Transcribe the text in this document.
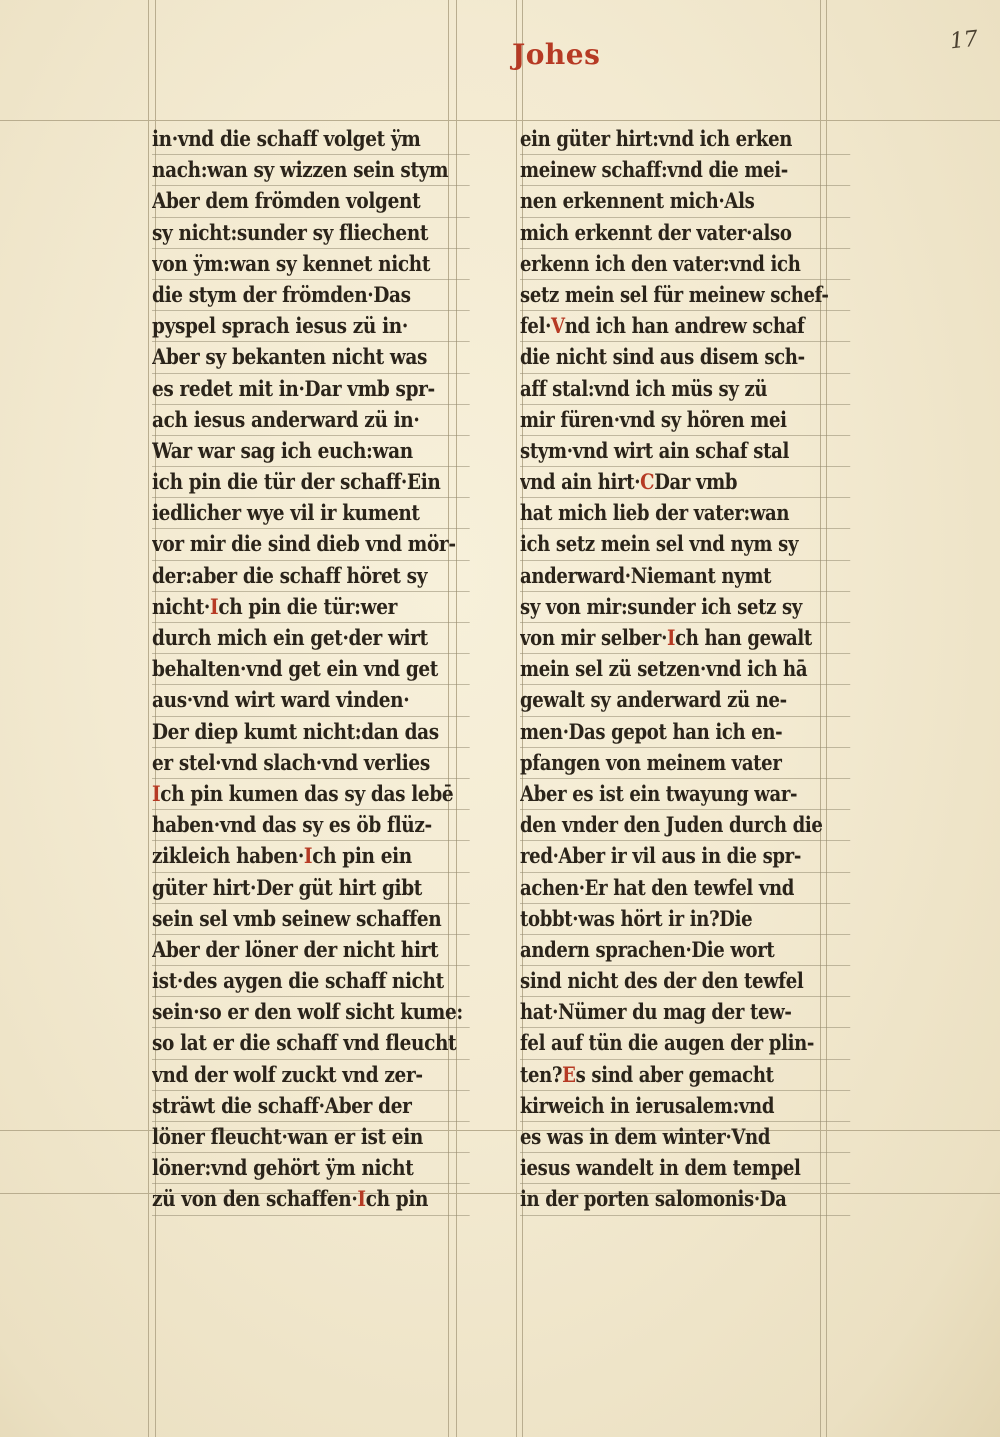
17
Johes
in·vnd die schaff volget ÿm
nach:wan sy wizzen sein stym
Aber dem frömden volgent
sy nicht:sunder sy fliechent
von ÿm:wan sy kennet nicht
die stym der frömden·Das
pyspel sprach iesus zü in·
Aber sy bekanten nicht was
es redet mit in·Dar vmb spr-
ach iesus anderward zü in·
War war sag ich euch:wan
ich pin die tür der schaff·Ein
iedlicher wye vil ir kument
vor mir die sind dieb vnd mör-
der:aber die schaff höret sy
nicht·Ich pin die tür:wer
durch mich ein get·der wirt
behalten·vnd get ein vnd get
aus·vnd wirt ward vinden·
Der diep kumt nicht:dan das
er stel·vnd slach·vnd verlies
Ich pin kumen das sy das lebē
haben·vnd das sy es öb flüz-
zikleich haben·Ich pin ein
güter hirt·Der güt hirt gibt
sein sel vmb seinew schaffen
Aber der löner der nicht hirt
ist·des aygen die schaff nicht
sein·so er den wolf sicht kume:
so lat er die schaff vnd fleucht
vnd der wolf zuckt vnd zer-
sträwt die schaff·Aber der
löner fleucht·wan er ist ein
löner:vnd gehört ÿm nicht
zü von den schaffen·Ich pin
ein güter hirt:vnd ich erken
meinew schaff:vnd die mei-
nen erkennent mich·Als
mich erkennt der vater·also
erkenn ich den vater:vnd ich
setz mein sel für meinew schef-
fel·Vnd ich han andrew schaf
die nicht sind aus disem sch-
aff stal:vnd ich müs sy zü
mir füren·vnd sy hören mei
stym·vnd wirt ain schaf stal
vnd ain hirt·CDar vmb
hat mich lieb der vater:wan
ich setz mein sel vnd nym sy
anderward·Niemant nymt
sy von mir:sunder ich setz sy
von mir selber·Ich han gewalt
mein sel zü setzen·vnd ich hā
gewalt sy anderward zü ne-
men·Das gepot han ich en-
pfangen von meinem vater
Aber es ist ein twayung war-
den vnder den Juden durch die
red·Aber ir vil aus in die spr-
achen·Er hat den tewfel vnd
tobbt·was hört ir in?Die
andern sprachen·Die wort
sind nicht des der den tewfel
hat·Nümer du mag der tew-
fel auf tün die augen der plin-
ten?Es sind aber gemacht
kirweich in ierusalem:vnd
es was in dem winter·Vnd
iesus wandelt in dem tempel
in der porten salomonis·Da
